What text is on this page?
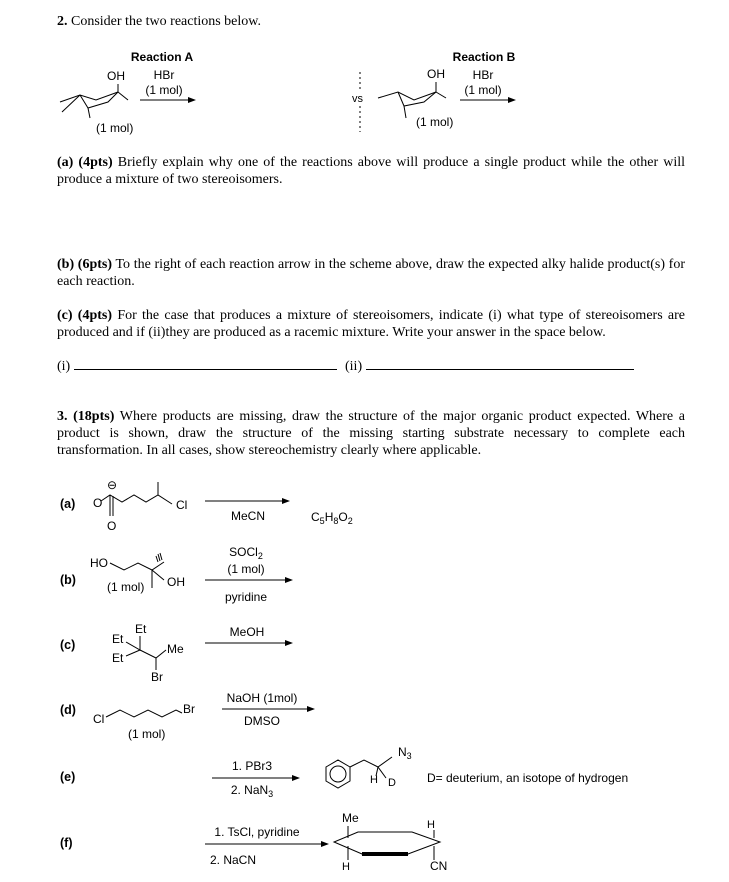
2. Consider the two reactions below.
Reaction A
OH HBr
(1 mol)
(1 mol)
vs
Reaction B
OH HBr
(1 mol)
(1 mol)
(a) (4pts) Briefly explain why one of the reactions above will produce a single product while the other will produce a mixture of two stereoisomers.
(b) (6pts) To the right of each reaction arrow in the scheme above, draw the expected alky halide product(s) for each reaction.
(c) (4pts) For the case that produces a mixture of stereoisomers, indicate (i) what type of stereoisomers are produced and if (ii)they are produced as a racemic mixture. Write your answer in the space below.
(i)	(ii)
3. (18pts) Where products are missing, draw the structure of the major organic product expected. Where a product is shown, draw the structure of the missing starting substrate necessary to complete each transformation. In all cases, show stereochemistry clearly where applicable.
(a)
(b)
(c)
(d)
(e)
(f)
⊖
O
O
Cl
MeCN	$C_5H_8O_2$
HO
OH
(1 mol)
SOCl$_2$
(1 mol)
pyridine
Et
Et
Et
Me
Br
MeOH
Cl
Br
(1 mol)
NaOH (1mol)
DMSO
1. PBr3
2. NaN$_3$
$N_3$
H D	D= deuterium, an isotope of hydrogen
1. TsCl, pyridine
2. NaCN
Me	H
H	CN
